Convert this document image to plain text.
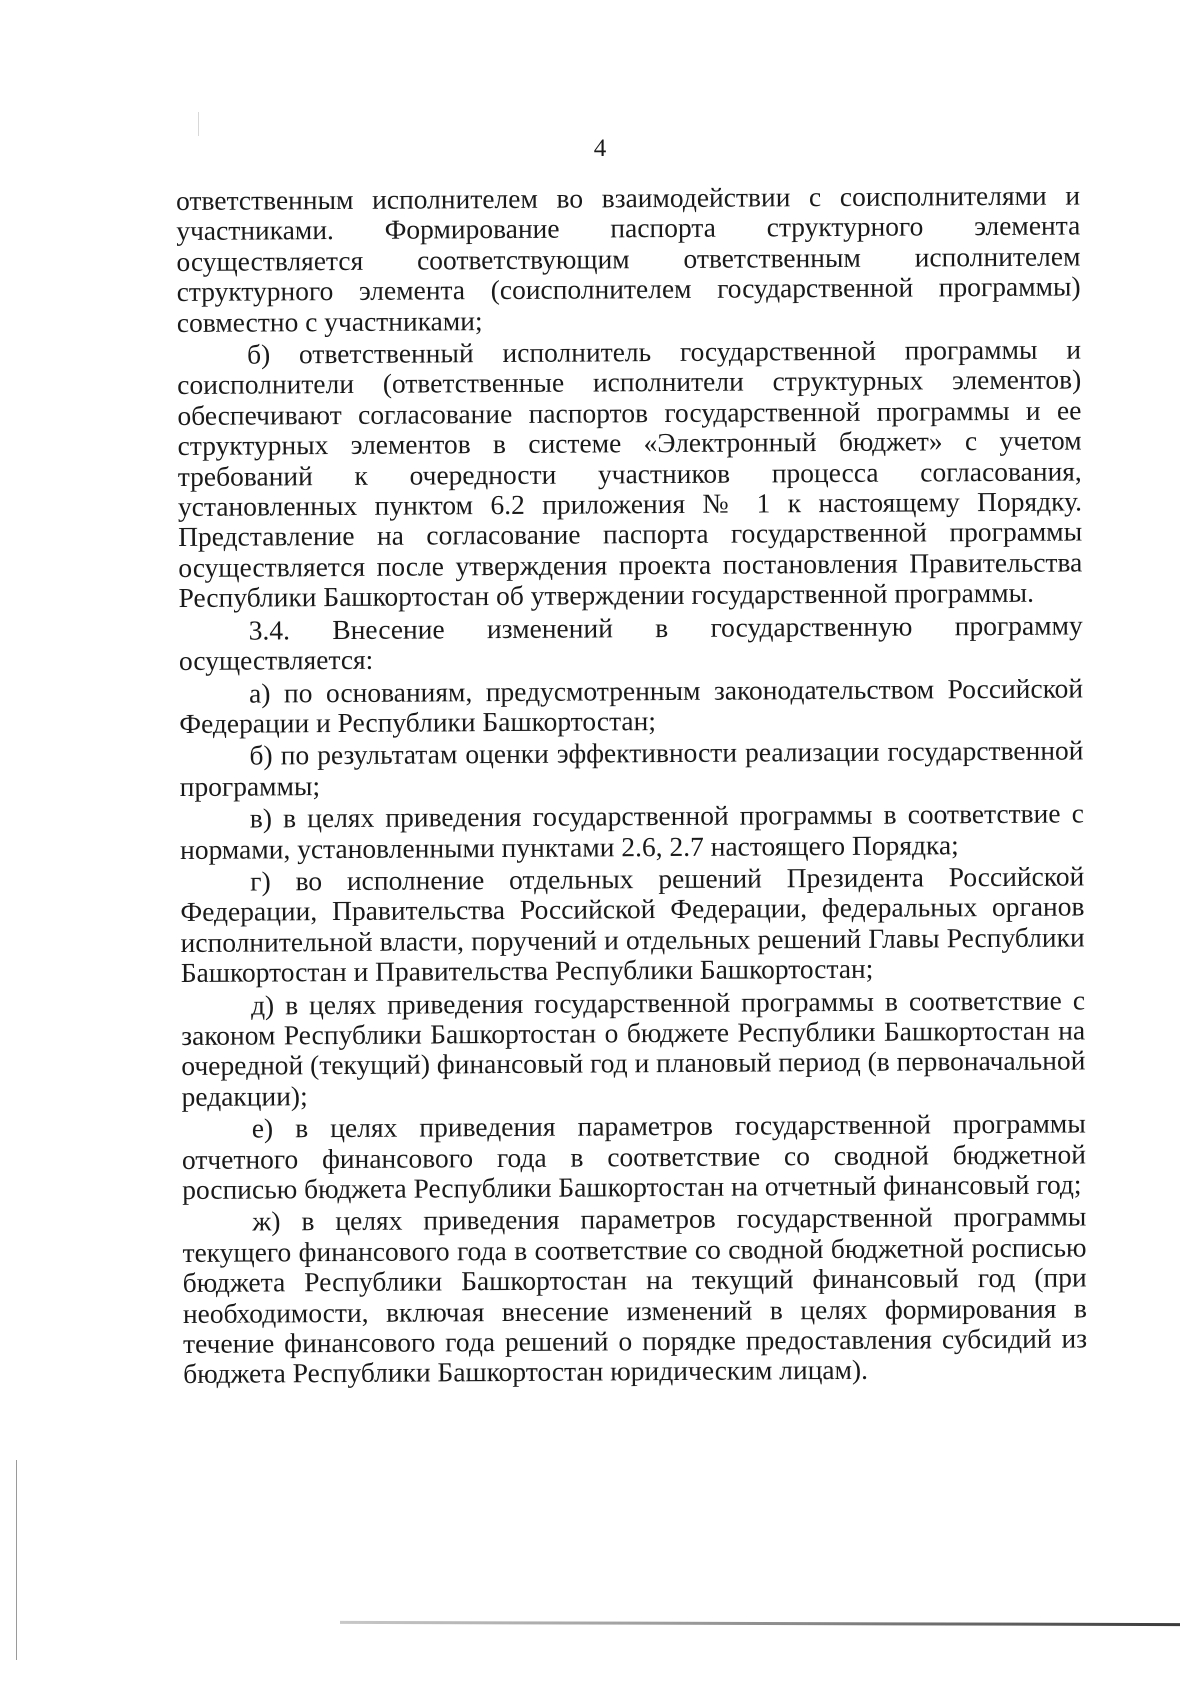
4

ответственным исполнителем во взаимодействии с соисполнителями и участниками. Формирование паспорта структурного элемента осуществляется соответствующим ответственным исполнителем структурного элемента (соисполнителем государственной программы) совместно с участниками;

б) ответственный исполнитель государственной программы и соисполнители (ответственные исполнители структурных элементов) обеспечивают согласование паспортов государственной программы и ее структурных элементов в системе «Электронный бюджет» с учетом требований к очередности участников процесса согласования, установленных пунктом 6.2 приложения № 1 к настоящему Порядку. Представление на согласование паспорта государственной программы осуществляется после утверждения проекта постановления Правительства Республики Башкортостан об утверждении государственной программы.

3.4. Внесение изменений в государственную программу осуществляется:

а) по основаниям, предусмотренным законодательством Российской Федерации и Республики Башкортостан;

б) по результатам оценки эффективности реализации государственной программы;

в) в целях приведения государственной программы в соответствие с нормами, установленными пунктами 2.6, 2.7 настоящего Порядка;

г) во исполнение отдельных решений Президента Российской Федерации, Правительства Российской Федерации, федеральных органов исполнительной власти, поручений и отдельных решений Главы Республики Башкортостан и Правительства Республики Башкортостан;

д) в целях приведения государственной программы в соответствие с законом Республики Башкортостан о бюджете Республики Башкортостан на очередной (текущий) финансовый год и плановый период (в первоначальной редакции);

е) в целях приведения параметров государственной программы отчетного финансового года в соответствие со сводной бюджетной росписью бюджета Республики Башкортостан на отчетный финансовый год;

ж) в целях приведения параметров государственной программы текущего финансового года в соответствие со сводной бюджетной росписью бюджета Республики Башкортостан на текущий финансовый год (при необходимости, включая внесение изменений в целях формирования в течение финансового года решений о порядке предоставления субсидий из бюджета Республики Башкортостан юридическим лицам).
